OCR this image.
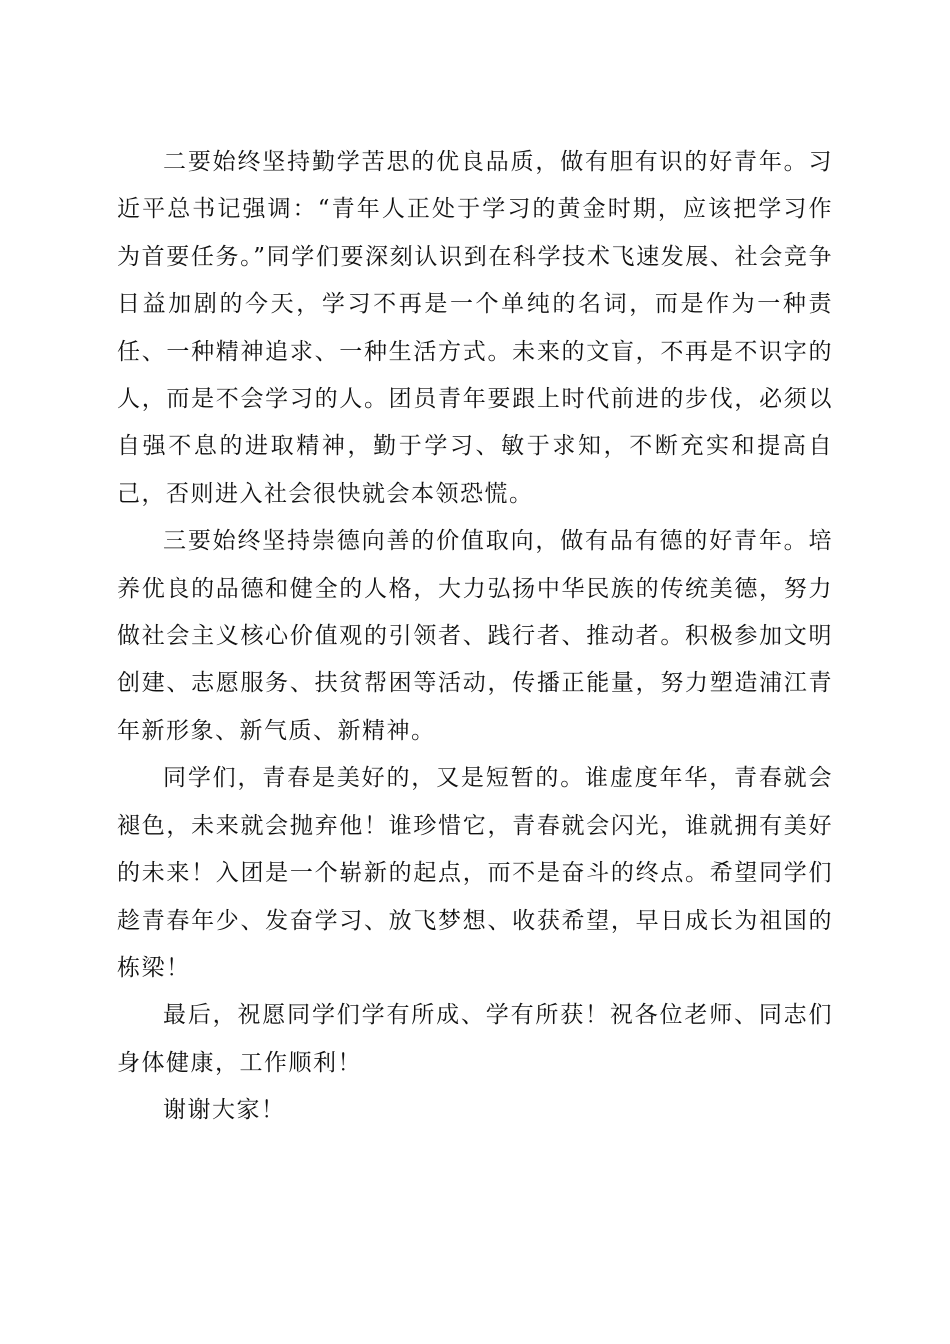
二要始终坚持勤学苦思的优良品质，做有胆有识的好青年。习近平总书记强调：“青年人正处于学习的黄金时期，应该把学习作为首要任务。”同学们要深刻认识到在科学技术飞速发展、社会竞争日益加剧的今天，学习不再是一个单纯的名词，而是作为一种责任、一种精神追求、一种生活方式。未来的文盲，不再是不识字的人，而是不会学习的人。团员青年要跟上时代前进的步伐，必须以自强不息的进取精神，勤于学习、敏于求知，不断充实和提高自己，否则进入社会很快就会本领恐慌。

三要始终坚持崇德向善的价值取向，做有品有德的好青年。培养优良的品德和健全的人格，大力弘扬中华民族的传统美德，努力做社会主义核心价值观的引领者、践行者、推动者。积极参加文明创建、志愿服务、扶贫帮困等活动，传播正能量，努力塑造浦江青年新形象、新气质、新精神。

同学们，青春是美好的，又是短暂的。谁虚度年华，青春就会褪色，未来就会抛弃他！谁珍惜它，青春就会闪光，谁就拥有美好的未来！入团是一个崭新的起点，而不是奋斗的终点。希望同学们趁青春年少、发奋学习、放飞梦想、收获希望，早日成长为祖国的栋梁！

最后，祝愿同学们学有所成、学有所获！祝各位老师、同志们身体健康，工作顺利！

谢谢大家！
